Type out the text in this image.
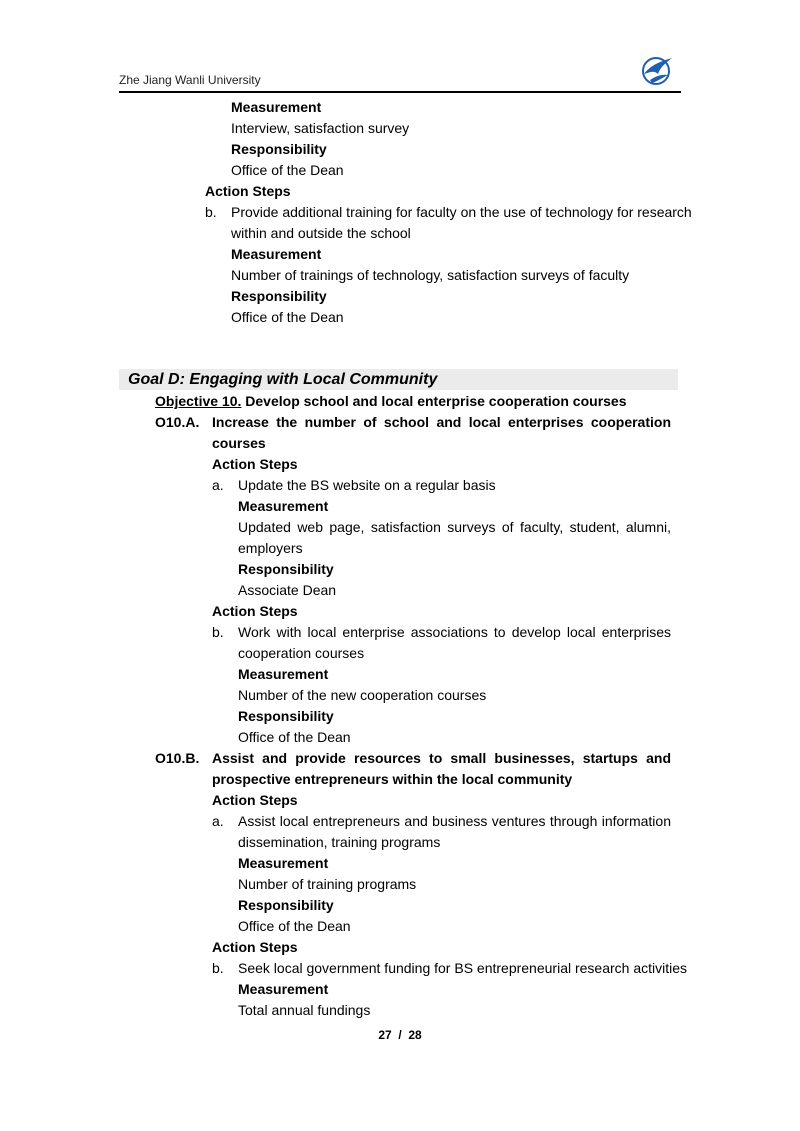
Zhe Jiang Wanli University
Measurement
Interview, satisfaction survey
Responsibility
Office of the Dean
Action Steps
b. Provide additional training for faculty on the use of technology for research
within and outside the school
Measurement
Number of trainings of technology, satisfaction surveys of faculty
Responsibility
Office of the Dean
Goal D: Engaging with Local Community
Objective 10. Develop school and local enterprise cooperation courses
O10.A. Increase the number of school and local enterprises cooperation
courses
Action Steps
a. Update the BS website on a regular basis
Measurement
Updated web page, satisfaction surveys of faculty, student, alumni,
employers
Responsibility
Associate Dean
Action Steps
b. Work with local enterprise associations to develop local enterprises
cooperation courses
Measurement
Number of the new cooperation courses
Responsibility
Office of the Dean
O10.B. Assist and provide resources to small businesses, startups and
prospective entrepreneurs within the local community
Action Steps
a. Assist local entrepreneurs and business ventures through information
dissemination, training programs
Measurement
Number of training programs
Responsibility
Office of the Dean
Action Steps
b. Seek local government funding for BS entrepreneurial research activities
Measurement
Total annual fundings
27  /  28
